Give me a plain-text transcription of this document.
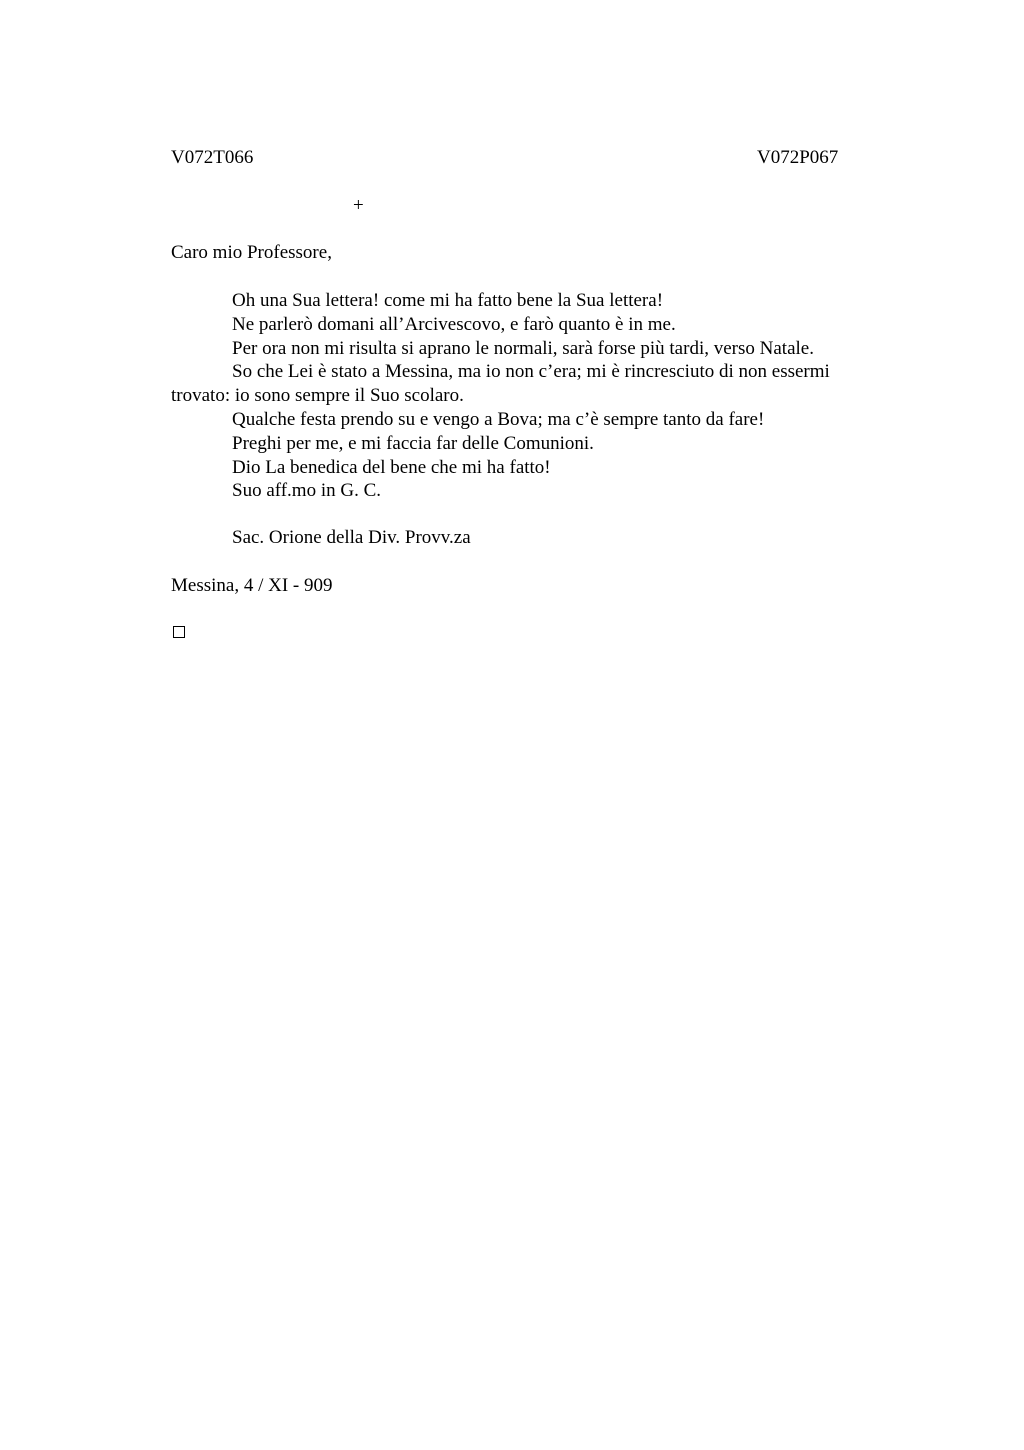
V072T066	V072P067
+
Caro mio Professore,

Oh una Sua lettera! come mi ha fatto bene la Sua lettera!

Ne parlerò domani all’Arcivescovo, e farò quanto è in me.

Per ora non mi risulta si aprano le normali, sarà forse più tardi, verso Natale.

So che Lei è stato a Messina, ma io non c’era; mi è rincresciuto di non essermi trovato: io sono sempre il Suo scolaro.

Qualche festa prendo su e vengo a Bova; ma c’è sempre tanto da fare!

Preghi per me, e mi faccia far delle Comunioni.

Dio La benedica del bene che mi ha fatto!

Suo aff.mo in G. C.

Sac. Orione della Div. Provv.za
Messina, 4 / XI - 909
